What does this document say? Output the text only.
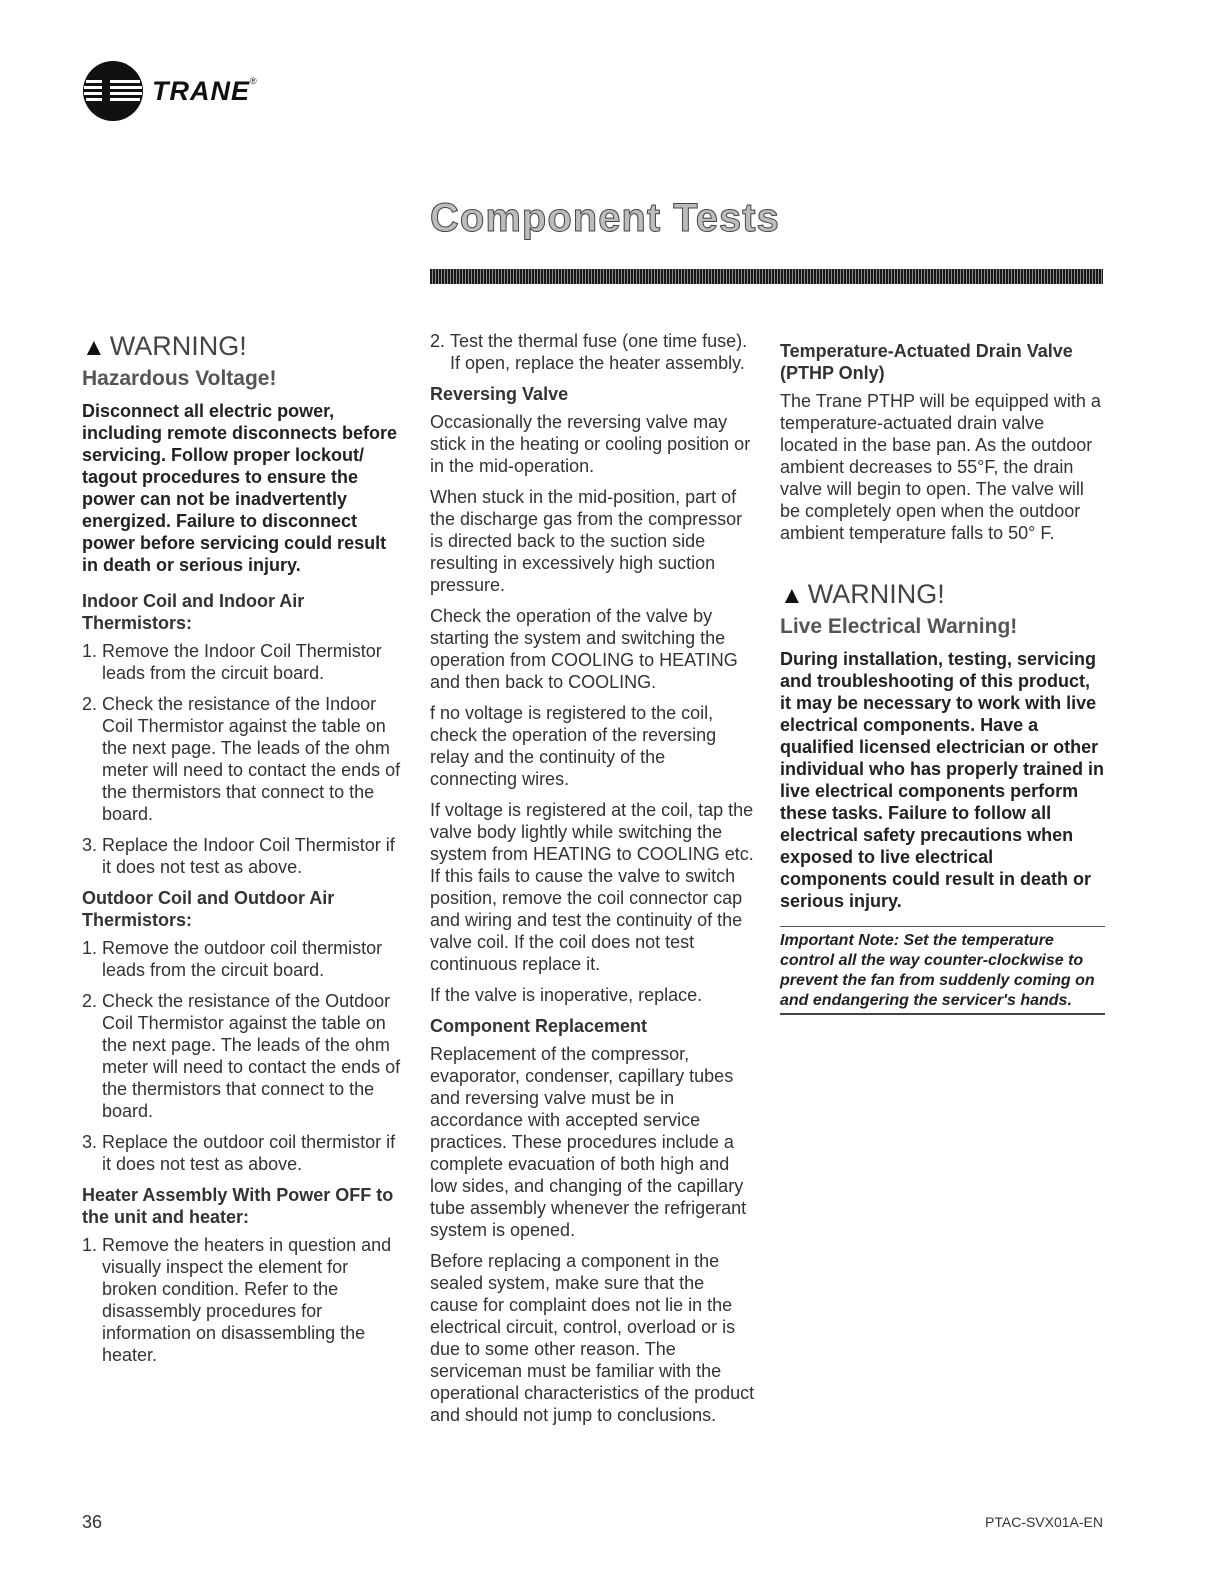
TRANE®
Component Tests
▲ WARNING!
Hazardous Voltage!

Disconnect all electric power, including remote disconnects before servicing. Follow proper lockout/ tagout procedures to ensure the power can not be inadvertently energized. Failure to disconnect power before servicing could result in death or serious injury.

Indoor Coil and Indoor Air Thermistors:
1. Remove the Indoor Coil Thermistor leads from the circuit board.
2. Check the resistance of the Indoor Coil Thermistor against the table on the next page. The leads of the ohm meter will need to contact the ends of the thermistors that connect to the board.
3. Replace the Indoor Coil Thermistor if it does not test as above.
Outdoor Coil and Outdoor Air Thermistors:
1. Remove the outdoor coil thermistor leads from the circuit board.
2. Check the resistance of the Outdoor Coil Thermistor against the table on the next page. The leads of the ohm meter will need to contact the ends of the thermistors that connect to the board.
3. Replace the outdoor coil thermistor if it does not test as above.
Heater Assembly With Power OFF to the unit and heater:
1. Remove the heaters in question and visually inspect the element for broken condition. Refer to the disassembly procedures for information on disassembling the heater.
2. Test the thermal fuse (one time fuse). If open, replace the heater assembly.
Reversing Valve

Occasionally the reversing valve may stick in the heating or cooling position or in the mid-operation.

When stuck in the mid-position, part of the discharge gas from the compressor is directed back to the suction side resulting in excessively high suction pressure.

Check the operation of the valve by starting the system and switching the operation from COOLING to HEATING and then back to COOLING.

f no voltage is registered to the coil, check the operation of the reversing relay and the continuity of the connecting wires.

If voltage is registered at the coil, tap the valve body lightly while switching the system from HEATING to COOLING etc. If this fails to cause the valve to switch position, remove the coil connector cap and wiring and test the continuity of the valve coil. If the coil does not test continuous replace it.

If the valve is inoperative, replace.

Component Replacement

Replacement of the compressor, evaporator, condenser, capillary tubes and reversing valve must be in accordance with accepted service practices. These procedures include a complete evacuation of both high and low sides, and changing of the capillary tube assembly whenever the refrigerant system is opened.

Before replacing a component in the sealed system, make sure that the cause for complaint does not lie in the electrical circuit, control, overload or is due to some other reason. The serviceman must be familiar with the operational characteristics of the product and should not jump to conclusions.

Temperature-Actuated Drain Valve (PTHP Only)

The Trane PTHP will be equipped with a temperature-actuated drain valve located in the base pan. As the outdoor ambient decreases to 55°F, the drain valve will begin to open. The valve will be completely open when the outdoor ambient temperature falls to 50° F.

▲ WARNING!
Live Electrical Warning!

During installation, testing, servicing and troubleshooting of this product, it may be necessary to work with live electrical components. Have a qualified licensed electrician or other individual who has properly trained in live electrical components perform these tasks. Failure to follow all electrical safety precautions when exposed to live electrical components could result in death or serious injury.

Important Note: Set the temperature control all the way counter-clockwise to prevent the fan from suddenly coming on and endangering the servicer's hands.
36	PTAC-SVX01A-EN
